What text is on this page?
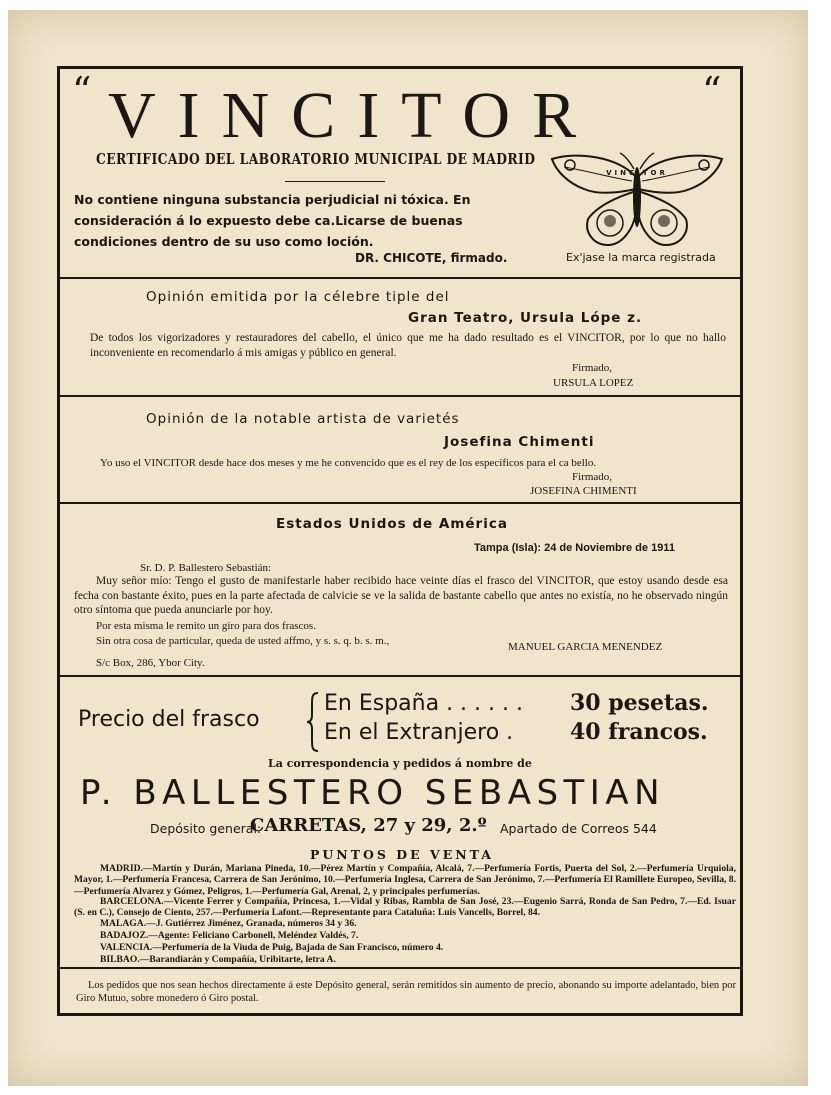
“ VINCITOR	“
CERTIFICADO DEL LABORATORIO MUNICIPAL DE MADRID
No contiene ninguna substancia perjudicial ni tóxica. En consideración á lo expuesto debe ca.Licarse de buenas condiciones dentro de su uso como loción.
DR. CHICOTE, firmado.
VINCITOR
Ex'jase la marca registrada
Opinión emitida por la célebre tiple del
Gran Teatro, Ursula Lópe z.
De todos los vigorizadores y restauradores del cabello, el único que me ha dado resultado es el VINCITOR, por lo que no hallo inconveniente en recomendarlo á mis amigas y público en general.
Firmado,
URSULA LOPEZ
Opinión de la notable artista de varietés
Josefina Chimenti
Yo uso el VINCITOR desde hace dos meses y me he convencido que es el rey de los específicos para el ca bello.
Firmado,
JOSEFINA CHIMENTI
Estados Unidos de América
Tampa (Isla): 24 de Noviembre de 1911
Sr. D. P. Ballestero Sebastián:
Muy señor mío: Tengo el gusto de manifestarle haber recibido hace veinte días el frasco del VINCITOR, que estoy usando desde esa fecha con bastante éxito, pues en la parte afectada de calvicie se ve la salida de bastante cabello que antes no existía, no he observado ningún otro síntoma que pueda anunciarle por hoy.
Por esta misma le remito un giro para dos frascos.
Sin otra cosa de particular, queda de usted affmo, y s. s. q. b. s. m.,	MANUEL GARCIA MENENDEZ
S/c Box, 286, Ybor City.
Precio del frasco
En España . . . . . . 30 pesetas.
En el Extranjero .	40 francos.
La correspondencia y pedidos á nombre de
P. BALLESTERO SEBASTIAN
Depósito general:
CARRETAS, 27 y 29, 2.º Apartado de Correos 544
PUNTOS DE VENTA
MADRID.—Martín y Durán, Mariana Pineda, 10.—Pérez Martín y Compañía, Alcalá, 7.—Perfumería Fortis, Puerta del Sol, 2.—Perfumería Urquiola, Mayor, 1.—Perfumería Francesa, Carrera de San Jerónimo, 10.—Perfumería Inglesa, Carrera de San Jerónimo, 7.—Perfumería El Ramillete Europeo, Sevilla, 8.—Perfumería Alvarez y Gómez, Peligros, 1.—Perfumería Gal, Arenal, 2, y principales perfumerías.
BARCELONA.—Vicente Ferrer y Compañía, Princesa, 1.—Vidal y Ribas, Rambla de San José, 23.—Eugenio Sarrá, Ronda de San Pedro, 7.—Ed. Isuar (S. en C.), Consejo de Ciento, 257.—Perfumería Lafont.—Representante para Cataluña: Luis Vancells, Borrel, 84.
MALAGA.—J. Gutiérrez Jiménez, Granada, números 34 y 36.
BADAJOZ.—Agente: Feliciano Carbonell, Meléndez Valdés, 7.
VALENCIA.—Perfumería de la Viuda de Puig, Bajada de San Francisco, número 4.
BILBAO.—Barandiarán y Compañía, Uribitarte, letra A.
Los pedidos que nos sean hechos directamente á este Depósito general, serán remitidos sin aumento de precio, abonando su importe adelantado, bien por Giro Mutuo, sobre monedero ó Giro postal.
